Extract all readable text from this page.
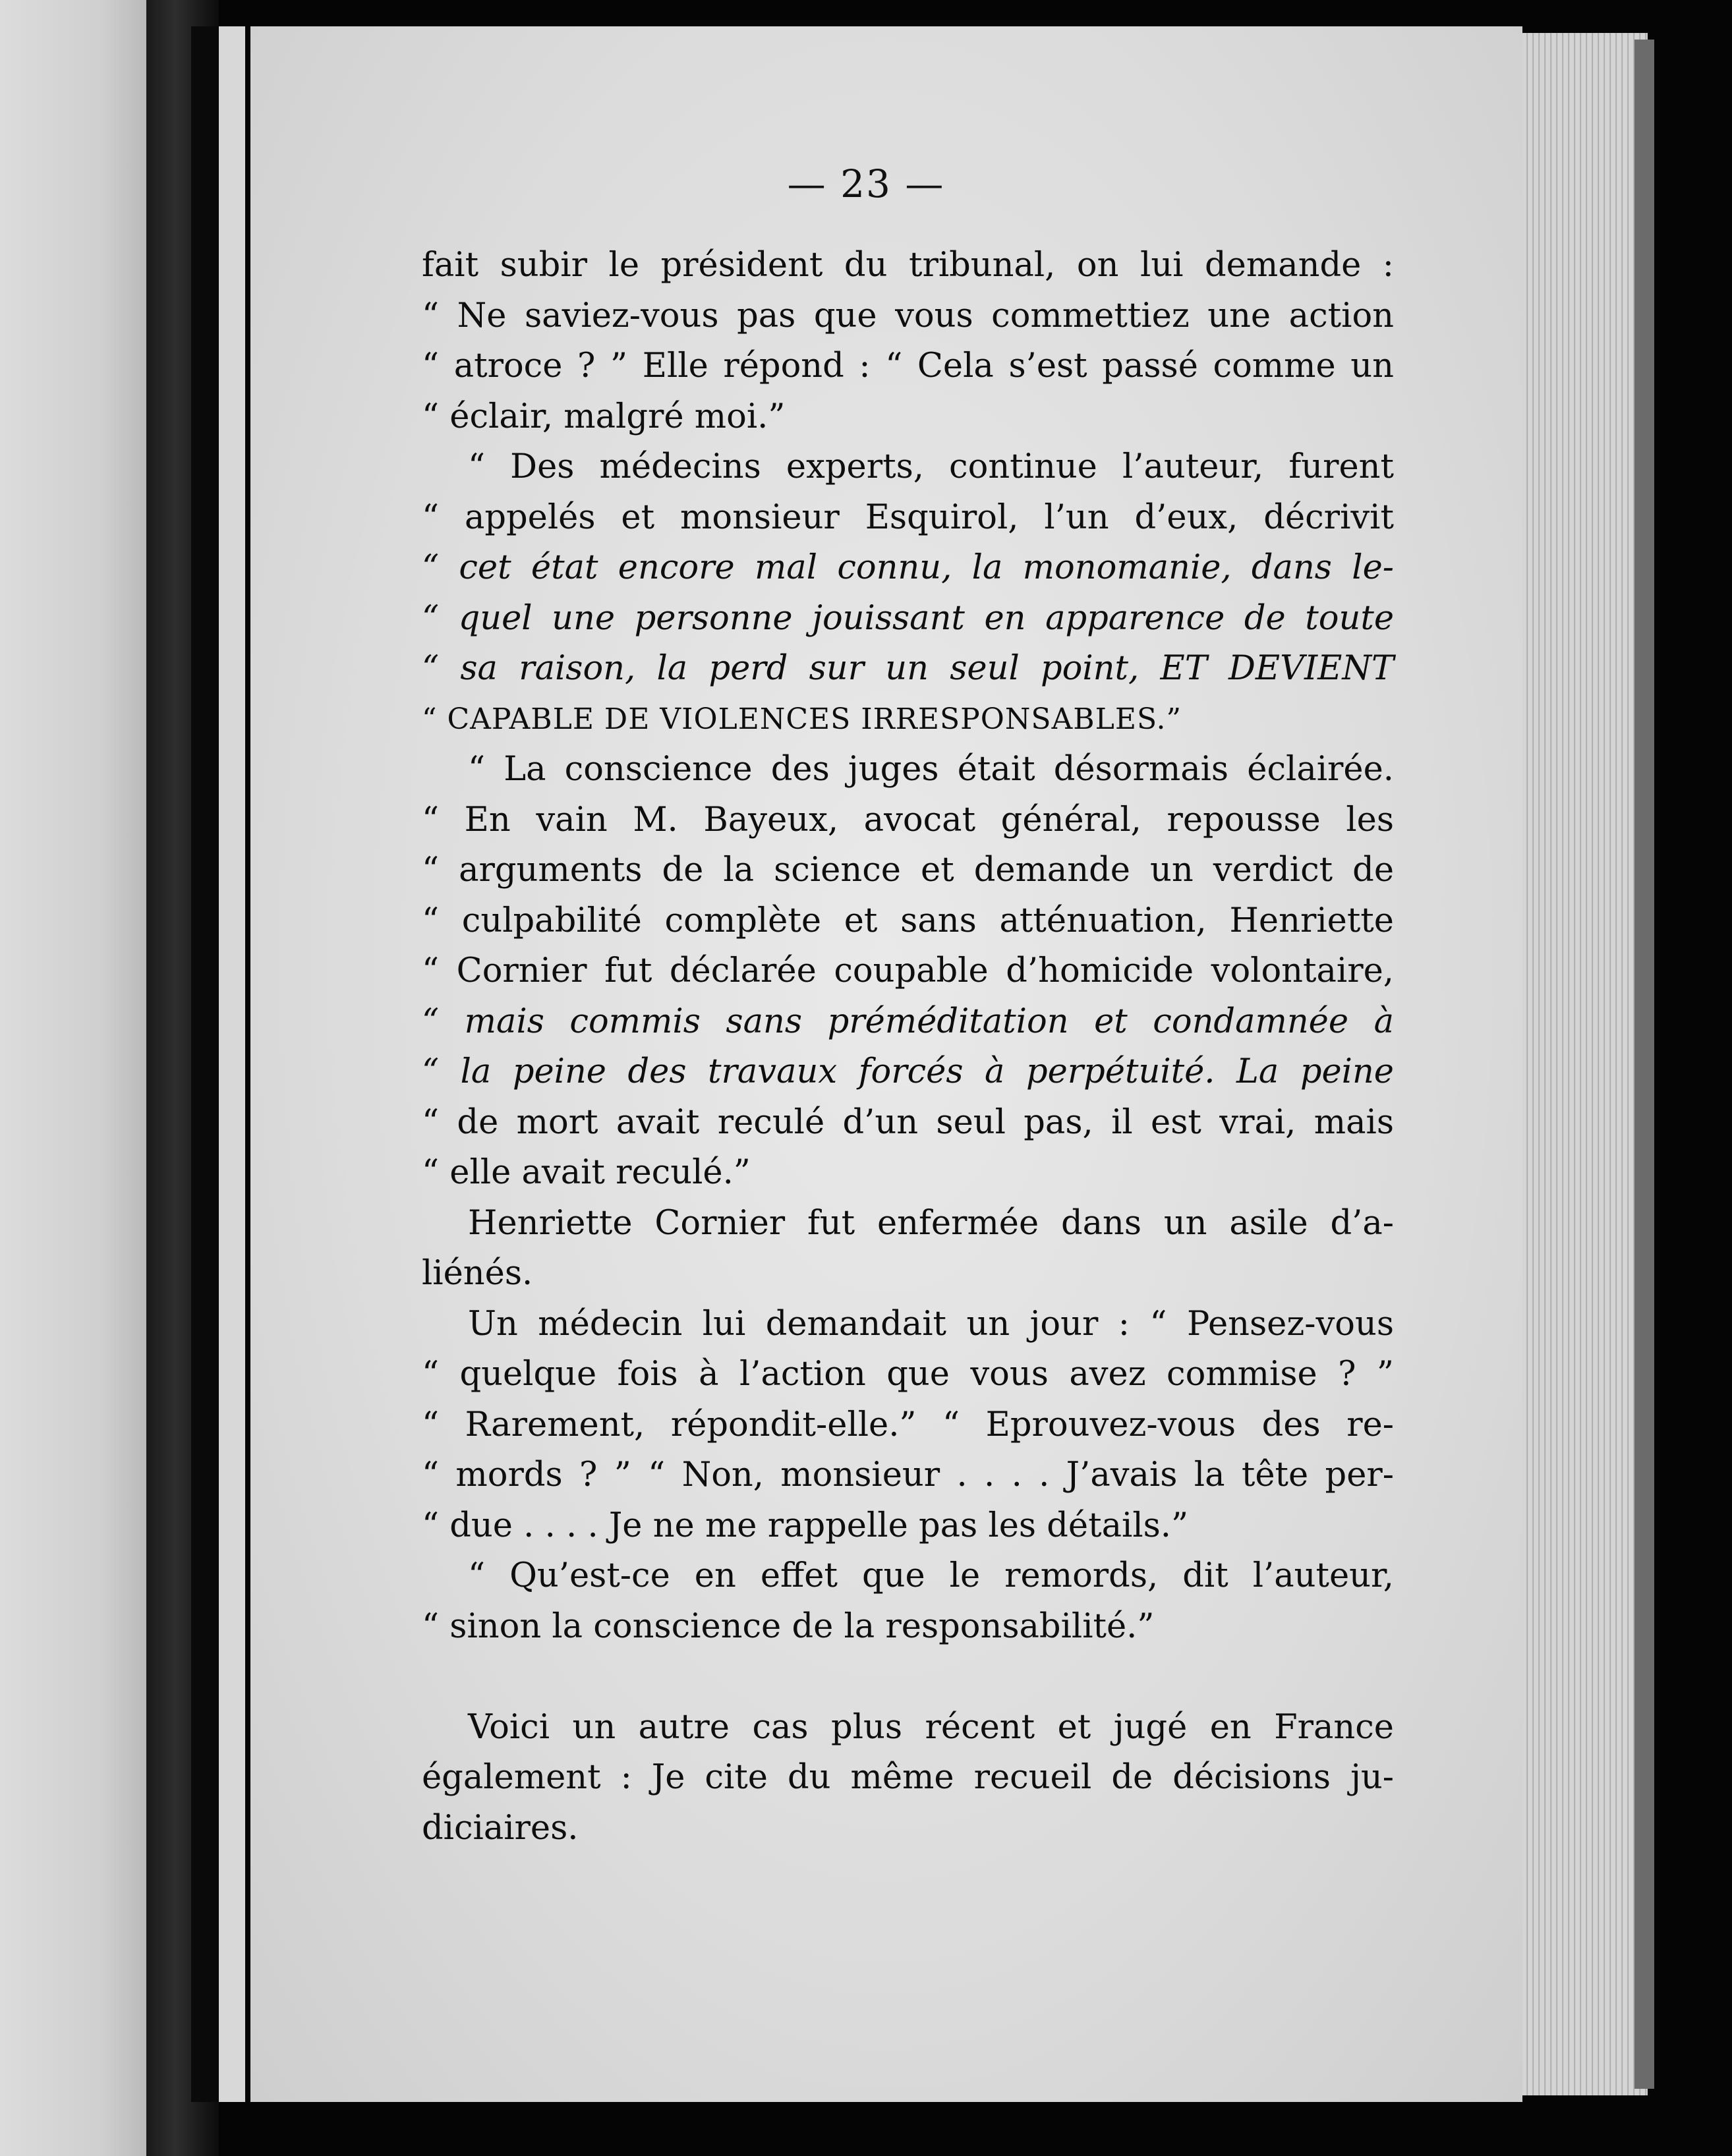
— 23 —
fait subir le président du tribunal, on lui demande :
“ Ne saviez-vous pas que vous commettiez une action
“ atroce ? ” Elle répond : “ Cela s’est passé comme un
“ éclair, malgré moi.”
“ Des médecins experts, continue l’auteur, furent
“ appelés et monsieur Esquirol, l’un d’eux, décrivit
“ cet état encore mal connu, la monomanie, dans le-
“ quel une personne jouissant en apparence de toute
“ sa raison, la perd sur un seul point, ET DEVIENT
“ CAPABLE DE VIOLENCES IRRESPONSABLES.”
“ La conscience des juges était désormais éclairée.
“ En vain M. Bayeux, avocat général, repousse les
“ arguments de la science et demande un verdict de
“ culpabilité complète et sans atténuation, Henriette
“ Cornier fut déclarée coupable d’homicide volontaire,
“ mais commis sans préméditation et condamnée à
“ la peine des travaux forcés à perpétuité. La peine
“ de mort avait reculé d’un seul pas, il est vrai, mais
“ elle avait reculé.”
Henriette Cornier fut enfermée dans un asile d’a-
liénés.
Un médecin lui demandait un jour : “ Pensez-vous
“ quelque fois à l’action que vous avez commise ? ”
“ Rarement, répondit-elle.” “ Eprouvez-vous des re-
“ mords ? ” “ Non, monsieur . . . . J’avais la tête per-
“ due . . . . Je ne me rappelle pas les détails.”
“ Qu’est-ce en effet que le remords, dit l’auteur,
“ sinon la conscience de la responsabilité.”
Voici un autre cas plus récent et jugé en France
également : Je cite du même recueil de décisions ju-
diciaires.
